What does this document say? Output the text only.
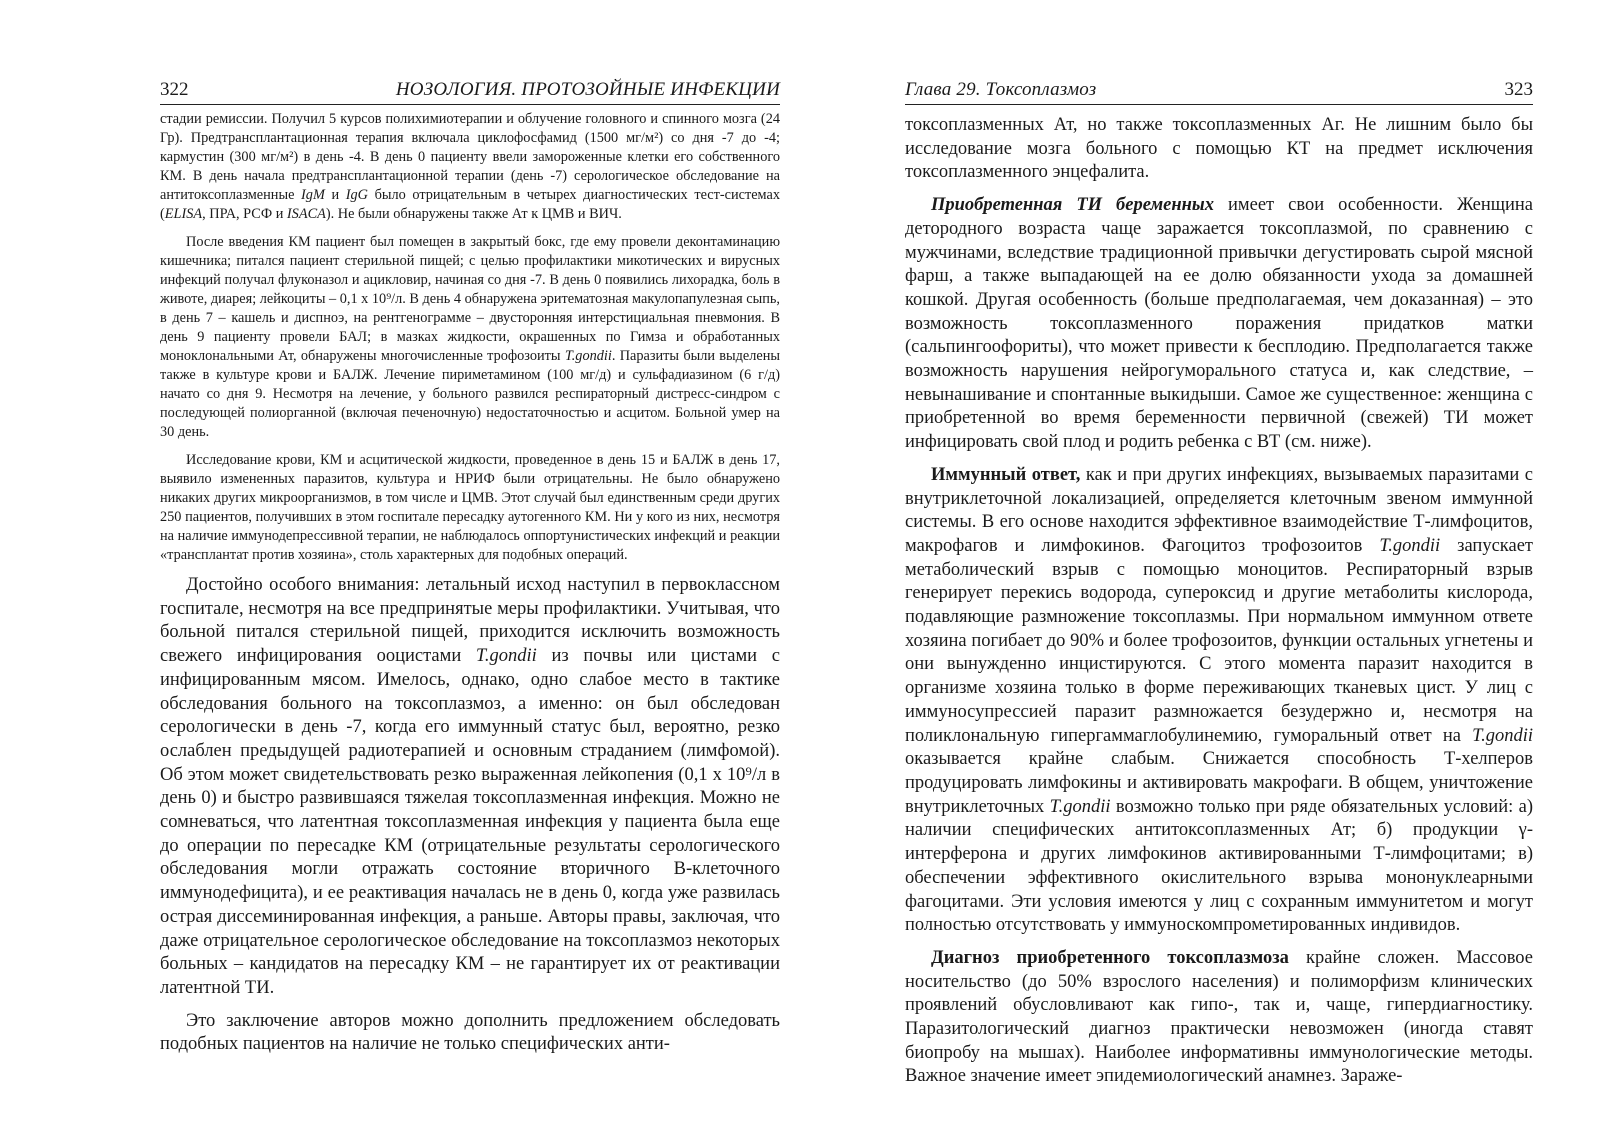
322	НОЗОЛОГИЯ. ПРОТОЗОЙНЫЕ ИНФЕКЦИИ

стадии ремиссии. Получил 5 курсов полихимиотерапии и облучение головного и спинного мозга (24 Гр). Предтрансплантационная терапия включала циклофосфамид (1500 мг/м²) со дня -7 до -4; кармустин (300 мг/м²) в день -4. В день 0 пациенту ввели замороженные клетки его собственного КМ. В день начала предтрансплантационной терапии (день -7) серологическое обследование на антитоксоплазменные IgM и IgG было отрицательным в четырех диагностических тест-системах (ELISA, ПРА, РСФ и ISACA). Не были обнаружены также Ат к ЦМВ и ВИЧ.

После введения КМ пациент был помещен в закрытый бокс, где ему провели деконтаминацию кишечника; питался пациент стерильной пищей; с целью профилактики микотических и вирусных инфекций получал флуконазол и ацикловир, начиная со дня -7. В день 0 появились лихорадка, боль в животе, диарея; лейкоциты – 0,1 х 10⁹/л. В день 4 обнаружена эритематозная макулопапулезная сыпь, в день 7 – кашель и диспноэ, на рентгенограмме – двусторонняя интерстициальная пневмония. В день 9 пациенту провели БАЛ; в мазках жидкости, окрашенных по Гимза и обработанных моноклональными Ат, обнаружены многочисленные трофозоиты T.gondii. Паразиты были выделены также в культуре крови и БАЛЖ. Лечение пириметамином (100 мг/д) и сульфадиазином (6 г/д) начато со дня 9. Несмотря на лечение, у больного развился респираторный дистресс-синдром с последующей полиорганной (включая печеночную) недостаточностью и асцитом. Больной умер на 30 день.

Исследование крови, КМ и асцитической жидкости, проведенное в день 15 и БАЛЖ в день 17, выявило измененных паразитов, культура и НРИФ были отрицательны. Не было обнаружено никаких других микроорганизмов, в том числе и ЦМВ. Этот случай был единственным среди других 250 пациентов, получивших в этом госпитале пересадку аутогенного КМ. Ни у кого из них, несмотря на наличие иммунодепрессивной терапии, не наблюдалось оппортунистических инфекций и реакции «трансплантат против хозяина», столь характерных для подобных операций.

Достойно особого внимания: летальный исход наступил в первоклассном госпитале, несмотря на все предпринятые меры профилактики. Учитывая, что больной питался стерильной пищей, приходится исключить возможность свежего инфицирования ооцистами T.gondii из почвы или цистами с инфицированным мясом. Имелось, однако, одно слабое место в тактике обследования больного на токсоплазмоз, а именно: он был обследован серологически в день -7, когда его иммунный статус был, вероятно, резко ослаблен предыдущей радиотерапией и основным страданием (лимфомой). Об этом может свидетельствовать резко выраженная лейкопения (0,1 х 10⁹/л в день 0) и быстро развившаяся тяжелая токсоплазменная инфекция. Можно не сомневаться, что латентная токсоплазменная инфекция у пациента была еще до операции по пересадке КМ (отрицательные результаты серологического обследования могли отражать состояние вторичного В-клеточного иммунодефицита), и ее реактивация началась не в день 0, когда уже развилась острая диссеминированная инфекция, а раньше. Авторы правы, заключая, что даже отрицательное серологическое обследование на токсоплазмоз некоторых больных – кандидатов на пересадку КМ – не гарантирует их от реактивации латентной ТИ.

Это заключение авторов можно дополнить предложением обследовать подобных пациентов на наличие не только специфических анти-

Глава 29. Токсоплазмоз	323

токсоплазменных Ат, но также токсоплазменных Аг. Не лишним было бы исследование мозга больного с помощью КТ на предмет исключения токсоплазменного энцефалита.

Приобретенная ТИ беременных имеет свои особенности. Женщина детородного возраста чаще заражается токсоплазмой, по сравнению с мужчинами, вследствие традиционной привычки дегустировать сырой мясной фарш, а также выпадающей на ее долю обязанности ухода за домашней кошкой. Другая особенность (больше предполагаемая, чем доказанная) – это возможность токсоплазменного поражения придатков матки (сальпингоофориты), что может привести к бесплодию. Предполагается также возможность нарушения нейрогуморального статуса и, как следствие, – невынашивание и спонтанные выкидыши. Самое же существенное: женщина с приобретенной во время беременности первичной (свежей) ТИ может инфицировать свой плод и родить ребенка с ВТ (см. ниже).

Иммунный ответ, как и при других инфекциях, вызываемых паразитами с внутриклеточной локализацией, определяется клеточным звеном иммунной системы. В его основе находится эффективное взаимодействие Т-лимфоцитов, макрофагов и лимфокинов. Фагоцитоз трофозоитов T.gondii запускает метаболический взрыв с помощью моноцитов. Респираторный взрыв генерирует перекись водорода, супероксид и другие метаболиты кислорода, подавляющие размножение токсоплазмы. При нормальном иммунном ответе хозяина погибает до 90% и более трофозоитов, функции остальных угнетены и они вынужденно инцистируются. С этого момента паразит находится в организме хозяина только в форме переживающих тканевых цист. У лиц с иммуносупрессией паразит размножается безудержно и, несмотря на поликлональную гипергаммаглобулинемию, гуморальный ответ на T.gondii оказывается крайне слабым. Снижается способность Т-хелперов продуцировать лимфокины и активировать макрофаги. В общем, уничтожение внутриклеточных T.gondii возможно только при ряде обязательных условий: а) наличии специфических антитоксоплазменных Ат; б) продукции γ-интерферона и других лимфокинов активированными Т-лимфоцитами; в) обеспечении эффективного окислительного взрыва мононуклеарными фагоцитами. Эти условия имеются у лиц с сохранным иммунитетом и могут полностью отсутствовать у иммуноскомпрометированных индивидов.

Диагноз приобретенного токсоплазмоза крайне сложен. Массовое носительство (до 50% взрослого населения) и полиморфизм клинических проявлений обусловливают как гипо-, так и, чаще, гипердиагностику. Паразитологический диагноз практически невозможен (иногда ставят биопробу на мышах). Наиболее информативны иммунологические методы. Важное значение имеет эпидемиологический анамнез. Зараже-
